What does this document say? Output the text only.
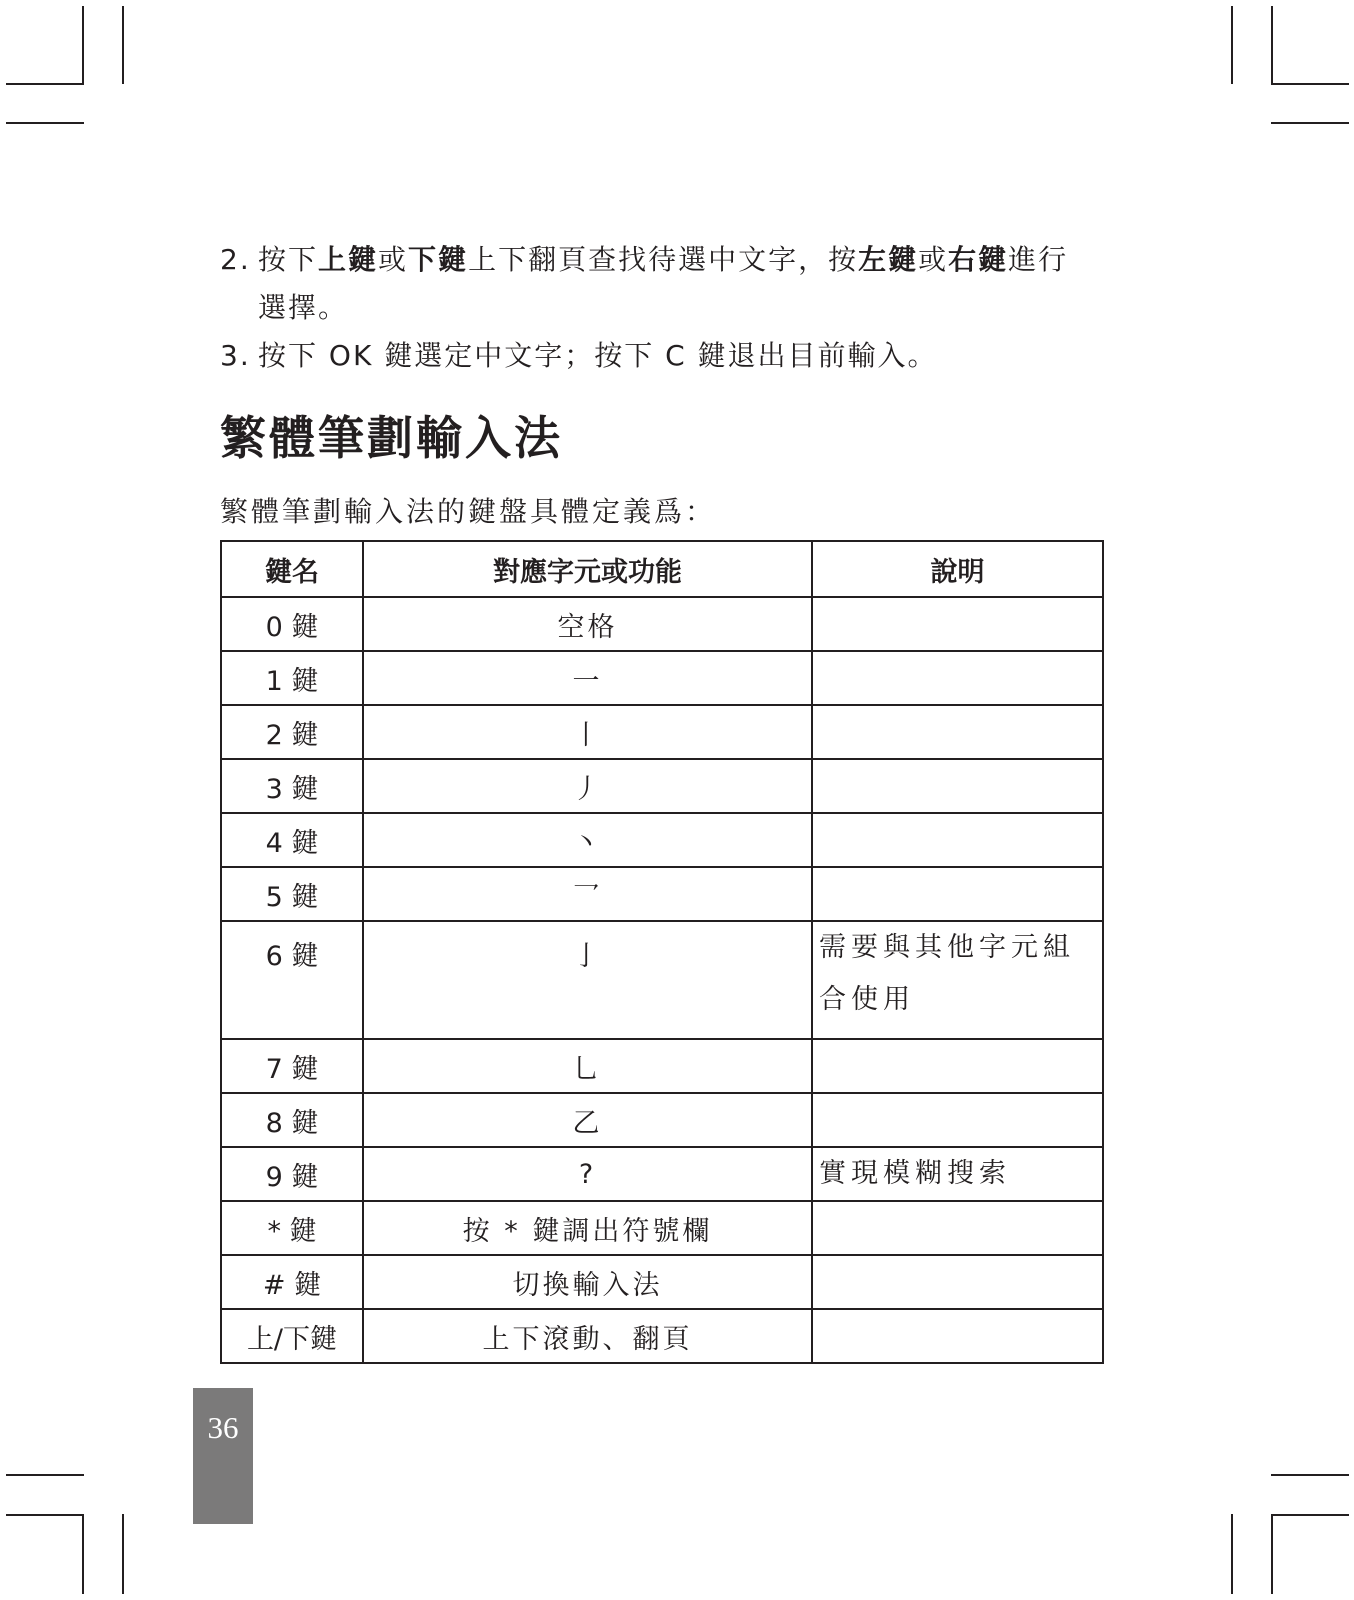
2. 按下上鍵或下鍵上下翻頁查找待選中文字，按左鍵或右鍵進行
選擇。
3. 按下 OK 鍵選定中文字；按下 C 鍵退出目前輸入。
繁體筆劃輸入法
繁體筆劃輸入法的鍵盤具體定義爲：
鍵名	對應字元或功能	說明
0 鍵	空格	
1 鍵	一	
2 鍵	丨	
3 鍵	丿	
4 鍵	丶	
5 鍵	乛	
6 鍵	亅	需要與其他字元組合使用
7 鍵	乚	
8 鍵	乙	
9 鍵	?	實現模糊搜索
* 鍵	按 * 鍵調出符號欄	
# 鍵	切換輸入法	
上/下鍵	上下滾動、翻頁	
36
